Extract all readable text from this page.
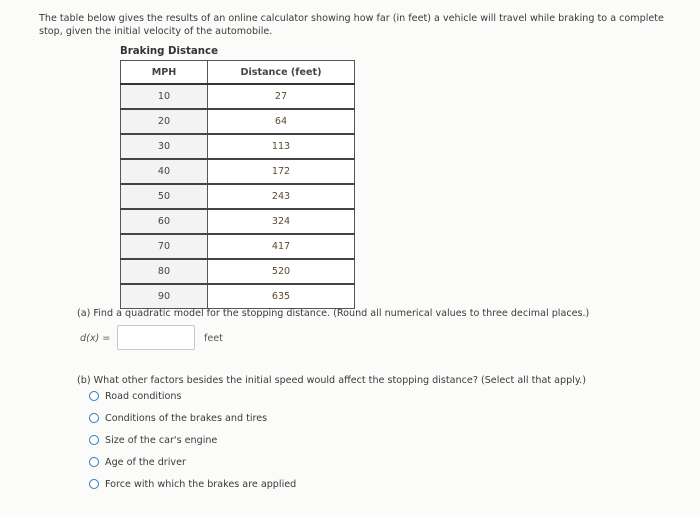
The table below gives the results of an online calculator showing how far (in feet) a vehicle will travel while braking to a complete stop, given the initial velocity of the automobile.
Braking Distance
MPH	Distance (feet)
10	27
20	64
30	113
40	172
50	243
60	324
70	417
80	520
90	635
(a) Find a quadratic model for the stopping distance. (Round all numerical values to three decimal places.)
d(x) =	feet
(b) What other factors besides the initial speed would affect the stopping distance? (Select all that apply.)
Road conditions
Conditions of the brakes and tires
Size of the car's engine
Age of the driver
Force with which the brakes are applied
